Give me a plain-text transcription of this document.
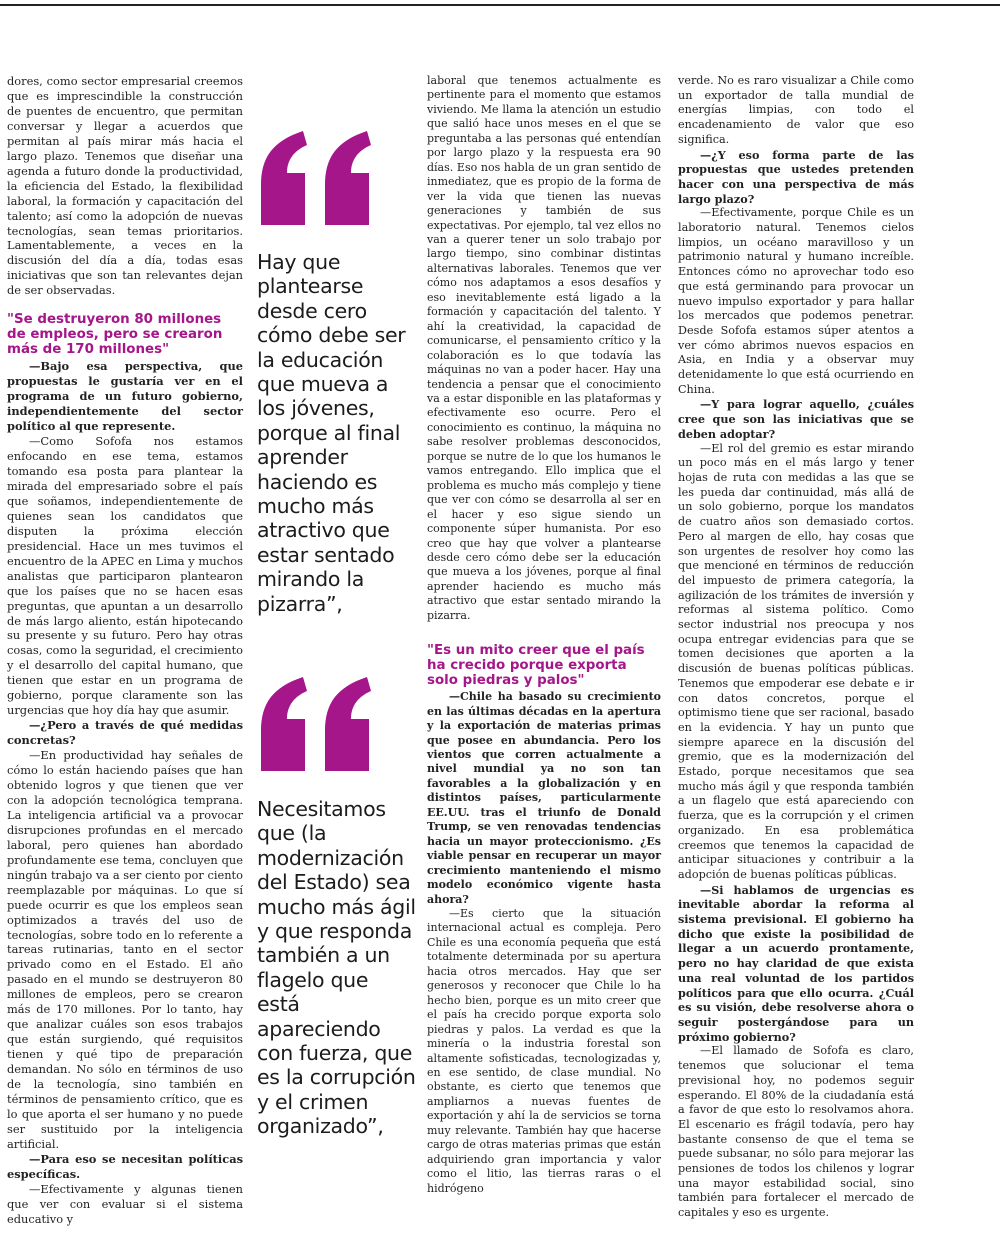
dores, como sector empresarial creemos que es imprescindible la construcción de puentes de encuentro, que permitan conversar y llegar a acuerdos que permitan al país mirar más hacia el largo plazo. Tenemos que diseñar una agenda a futuro donde la productividad, la eficiencia del Estado, la flexibilidad laboral, la formación y capacitación del talento; así como la adopción de nuevas tecnologías, sean temas prioritarios. Lamentablemente, a veces en la discusión del día a día, todas esas iniciativas que son tan relevantes dejan de ser observadas.

"Se destruyeron 80 millones de empleos, pero se crearon más de 170 millones"

—Bajo esa perspectiva, que propuestas le gustaría ver en el programa de un futuro gobierno, independientemente del sector político al que represente.

—Como Sofofa nos estamos enfocando en ese tema, estamos tomando esa posta para plantear la mirada del empresariado sobre el país que soñamos, independientemente de quienes sean los candidatos que disputen la próxima elección presidencial. Hace un mes tuvimos el encuentro de la APEC en Lima y muchos analistas que participaron plantearon que los países que no se hacen esas preguntas, que apuntan a un desarrollo de más largo aliento, están hipotecando su presente y su futuro. Pero hay otras cosas, como la seguridad, el crecimiento y el desarrollo del capital humano, que tienen que estar en un programa de gobierno, porque claramente son las urgencias que hoy día hay que asumir.

—¿Pero a través de qué medidas concretas?

—En productividad hay señales de cómo lo están haciendo países que han obtenido logros y que tienen que ver con la adopción tecnológica temprana. La inteligencia artificial va a provocar disrupciones profundas en el mercado laboral, pero quienes han abordado profundamente ese tema, concluyen que ningún trabajo va a ser ciento por ciento reemplazable por máquinas. Lo que sí puede ocurrir es que los empleos sean optimizados a través del uso de tecnologías, sobre todo en lo referente a tareas rutinarias, tanto en el sector privado como en el Estado. El año pasado en el mundo se destruyeron 80 millones de empleos, pero se crearon más de 170 millones. Por lo tanto, hay que analizar cuáles son esos trabajos que están surgiendo, qué requisitos tienen y qué tipo de preparación demandan. No sólo en términos de uso de la tecnología, sino también en términos de pensamiento crítico, que es lo que aporta el ser humano y no puede ser sustituido por la inteligencia artificial.

—Para eso se necesitan políticas específicas.

—Efectivamente y algunas tienen que ver con evaluar si el sistema educativo y

Hay que plantearse desde cero cómo debe ser la educación que mueva a los jóvenes, porque al final aprender haciendo es mucho más atractivo que estar sentado mirando la pizarra”,
Necesitamos que (la modernización del Estado) sea mucho más ágil y que responda también a un flagelo que está apareciendo con fuerza, que es la corrupción y el crimen organizado”,

laboral que tenemos actualmente es pertinente para el momento que estamos viviendo. Me llama la atención un estudio que salió hace unos meses en el que se preguntaba a las personas qué entendían por largo plazo y la respuesta era 90 días. Eso nos habla de un gran sentido de inmediatez, que es propio de la forma de ver la vida que tienen las nuevas generaciones y también de sus expectativas. Por ejemplo, tal vez ellos no van a querer tener un solo trabajo por largo tiempo, sino combinar distintas alternativas laborales. Tenemos que ver cómo nos adaptamos a esos desafíos y eso inevitablemente está ligado a la formación y capacitación del talento. Y ahí la creatividad, la capacidad de comunicarse, el pensamiento crítico y la colaboración es lo que todavía las máquinas no van a poder hacer. Hay una tendencia a pensar que el conocimiento va a estar disponible en las plataformas y efectivamente eso ocurre. Pero el conocimiento es continuo, la máquina no sabe resolver problemas desconocidos, porque se nutre de lo que los humanos le vamos entregando. Ello implica que el problema es mucho más complejo y tiene que ver con cómo se desarrolla al ser en el hacer y eso sigue siendo un componente súper humanista. Por eso creo que hay que volver a plantearse desde cero cómo debe ser la educación que mueva a los jóvenes, porque al final aprender haciendo es mucho más atractivo que estar sentado mirando la pizarra.

"Es un mito creer que el país ha crecido porque exporta solo piedras y palos"

—Chile ha basado su crecimiento en las últimas décadas en la apertura y la exportación de materias primas que posee en abundancia. Pero los vientos que corren actualmente a nivel mundial ya no son tan favorables a la globalización y en distintos países, particularmente EE.UU. tras el triunfo de Donald Trump, se ven renovadas tendencias hacia un mayor proteccionismo. ¿Es viable pensar en recuperar un mayor crecimiento manteniendo el mismo modelo económico vigente hasta ahora?

—Es cierto que la situación internacional actual es compleja. Pero Chile es una economía pequeña que está totalmente determinada por su apertura hacia otros mercados. Hay que ser generosos y reconocer que Chile lo ha hecho bien, porque es un mito creer que el país ha crecido porque exporta solo piedras y palos. La verdad es que la minería o la industria forestal son altamente sofisticadas, tecnologizadas y, en ese sentido, de clase mundial. No obstante, es cierto que tenemos que ampliarnos a nuevas fuentes de exportación y ahí la de servicios se torna muy relevante. También hay que hacerse cargo de otras materias primas que están adquiriendo gran importancia y valor como el litio, las tierras raras o el hidrógeno

verde. No es raro visualizar a Chile como un exportador de talla mundial de energías limpias, con todo el encadenamiento de valor que eso significa.

—¿Y eso forma parte de las propuestas que ustedes pretenden hacer con una perspectiva de más largo plazo?

—Efectivamente, porque Chile es un laboratorio natural. Tenemos cielos limpios, un océano maravilloso y un patrimonio natural y humano increíble. Entonces cómo no aprovechar todo eso que está germinando para provocar un nuevo impulso exportador y para hallar los mercados que podemos penetrar. Desde Sofofa estamos súper atentos a ver cómo abrimos nuevos espacios en Asia, en India y a observar muy detenidamente lo que está ocurriendo en China.

—Y para lograr aquello, ¿cuáles cree que son las iniciativas que se deben adoptar?

—El rol del gremio es estar mirando un poco más en el más largo y tener hojas de ruta con medidas a las que se les pueda dar continuidad, más allá de un solo gobierno, porque los mandatos de cuatro años son demasiado cortos. Pero al margen de ello, hay cosas que son urgentes de resolver hoy como las que mencioné en términos de reducción del impuesto de primera categoría, la agilización de los trámites de inversión y reformas al sistema político. Como sector industrial nos preocupa y nos ocupa entregar evidencias para que se tomen decisiones que aporten a la discusión de buenas políticas públicas. Tenemos que empoderar ese debate e ir con datos concretos, porque el optimismo tiene que ser racional, basado en la evidencia. Y hay un punto que siempre aparece en la discusión del gremio, que es la modernización del Estado, porque necesitamos que sea mucho más ágil y que responda también a un flagelo que está apareciendo con fuerza, que es la corrupción y el crimen organizado. En esa problemática creemos que tenemos la capacidad de anticipar situaciones y contribuir a la adopción de buenas políticas públicas.

—Si hablamos de urgencias es inevitable abordar la reforma al sistema previsional. El gobierno ha dicho que existe la posibilidad de llegar a un acuerdo prontamente, pero no hay claridad de que exista una real voluntad de los partidos políticos para que ello ocurra. ¿Cuál es su visión, debe resolverse ahora o seguir postergándose para un próximo gobierno?

—El llamado de Sofofa es claro, tenemos que solucionar el tema previsional hoy, no podemos seguir esperando. El 80% de la ciudadanía está a favor de que esto lo resolvamos ahora. El escenario es frágil todavía, pero hay bastante consenso de que el tema se puede subsanar, no sólo para mejorar las pensiones de todos los chilenos y lograr una mayor estabilidad social, sino también para fortalecer el mercado de capitales y eso es urgente.
